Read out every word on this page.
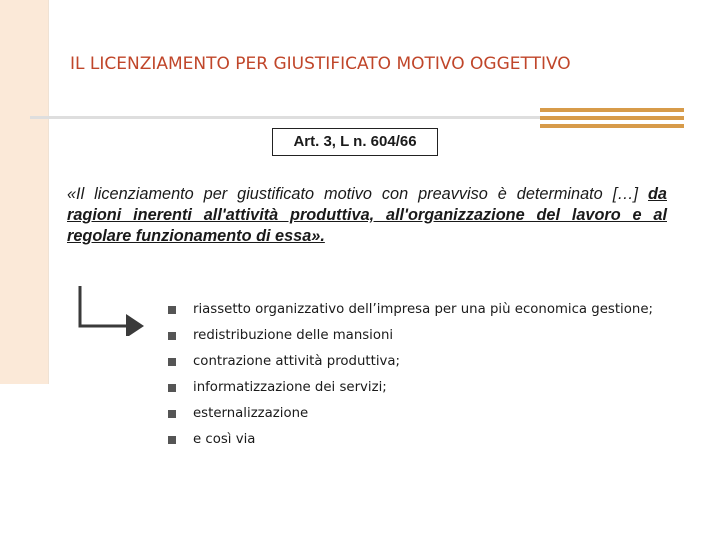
IL LICENZIAMENTO PER GIUSTIFICATO MOTIVO OGGETTIVO
Art. 3, L n. 604/66
«Il licenziamento per giustificato motivo con preavviso è determinato […] da ragioni inerenti all'attività produttiva, all'organizzazione del lavoro e al regolare funzionamento di essa».
riassetto organizzativo dell’impresa per una più economica gestione;
redistribuzione delle mansioni
contrazione attività produttiva;
informatizzazione dei servizi;
esternalizzazione
e così via
